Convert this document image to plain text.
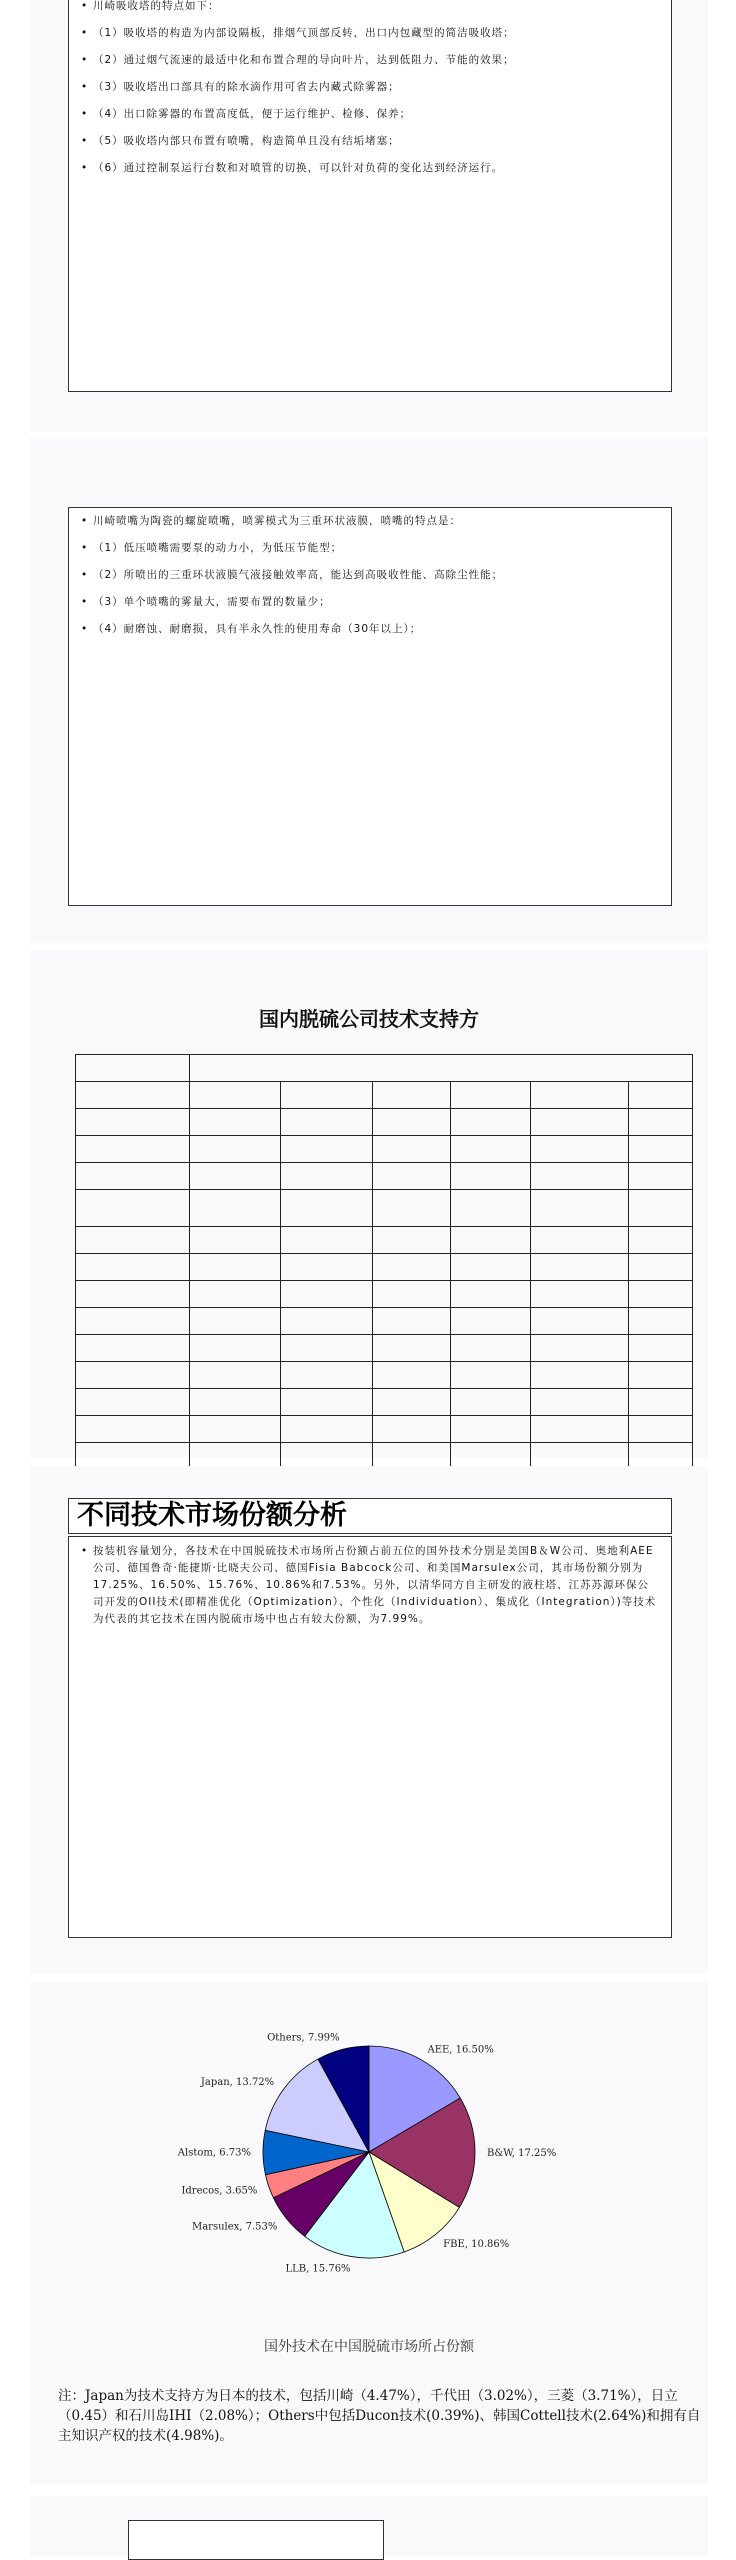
• 川崎吸收塔的特点如下：
• （1）吸收塔的构造为内部设隔板，排烟气顶部反转，出口内包藏型的简洁吸收塔；
• （2）通过烟气流速的最适中化和布置合理的导向叶片，达到低阻力、节能的效果；
• （3）吸收塔出口部具有的除水滴作用可省去内藏式除雾器；
• （4）出口除雾器的布置高度低，便于运行维护、检修、保养；
• （5）吸收塔内部只布置有喷嘴，构造简单且没有结垢堵塞；
• （6）通过控制泵运行台数和对喷管的切换，可以针对负荷的变化达到经济运行。
• 川崎喷嘴为陶瓷的螺旋喷嘴，喷雾模式为三重环状液膜，喷嘴的特点是：
• （1）低压喷嘴需要泵的动力小，为低压节能型；
• （2）所喷出的三重环状液膜气液接触效率高，能达到高吸收性能、高除尘性能；
• （3）单个喷嘴的雾量大，需要布置的数量少；
• （4）耐磨蚀、耐磨损，具有半永久性的使用寿命（30年以上）；
国内脱硫公司技术支持方

不同技术市场份额分析
• 按装机容量划分，各技术在中国脱硫技术市场所占份额占前五位的国外技术分别是美国B＆W公司、奥地利AEE公司、德国鲁奇·能捷斯·比晓夫公司、德国Fisia Babcock公司、和美国Marsulex公司，其市场份额分别为17.25%、16.50%、15.76%、10.86%和7.53%。另外，以清华同方自主研发的液柱塔、江苏苏源环保公司开发的OII技术(即精准优化（Optimization）、个性化（Individuation）、集成化（Integration）)等技术为代表的其它技术在国内脱硫市场中也占有较大份额，为7.99%。
AEE, 16.50%
B&W, 17.25%
FBE, 10.86%
LLB, 15.76%
Marsulex, 7.53%
Idrecos, 3.65%
Alstom, 6.73%
Japan, 13.72%
Others, 7.99%
国外技术在中国脱硫市场所占份额
注：Japan为技术支持方为日本的技术，包括川崎（4.47%），千代田（3.02%），三菱（3.71%），日立（0.45）和石川岛IHI（2.08%）；Others中包括Ducon技术(0.39%)、韩国Cottell技术(2.64%)和拥有自主知识产权的技术(4.98%)。
